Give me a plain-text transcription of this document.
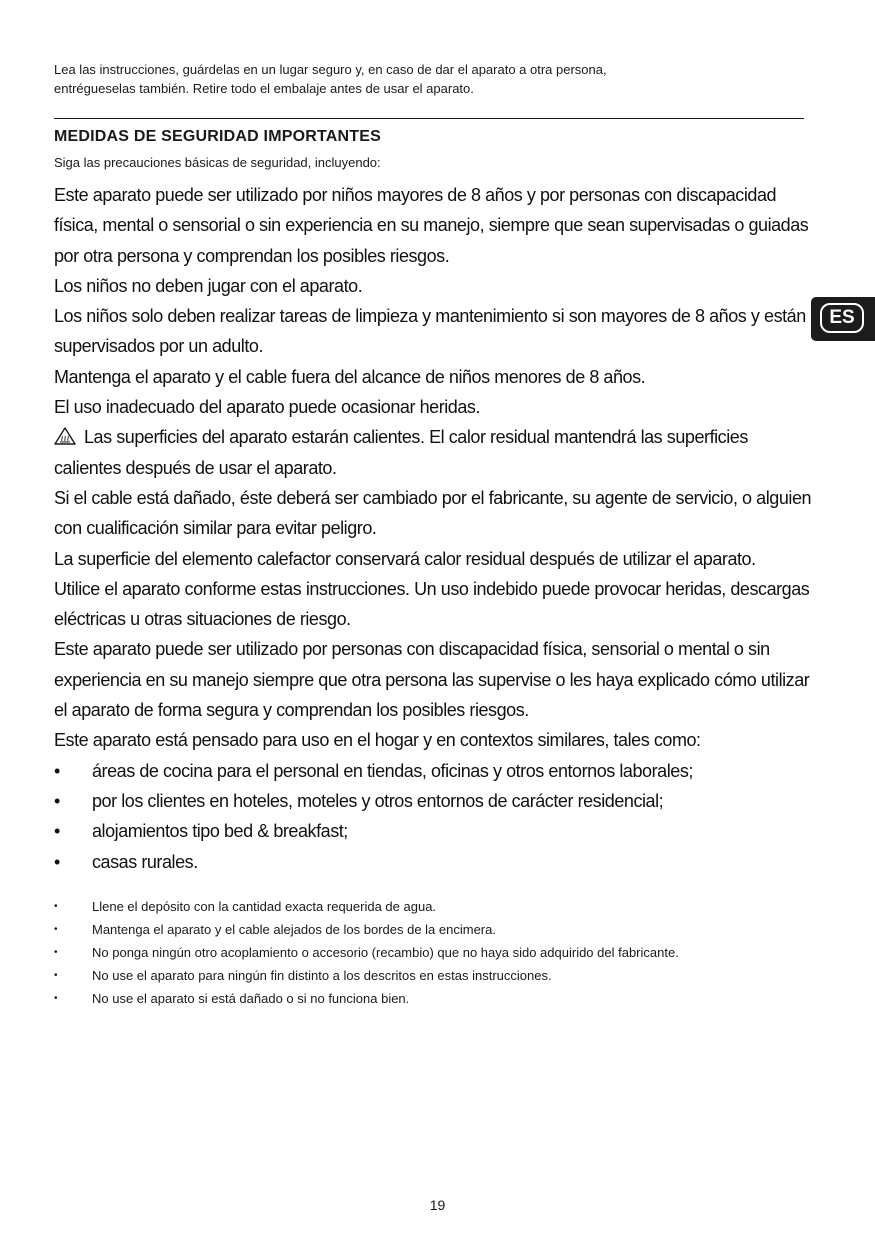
Lea las instrucciones, guárdelas en un lugar seguro y, en caso de dar el aparato a otra persona,

entrégueselas también. Retire todo el embalaje antes de usar el aparato.

MEDIDAS DE SEGURIDAD IMPORTANTES

Siga las precauciones básicas de seguridad, incluyendo:

Este aparato puede ser utilizado por niños mayores de 8 años y por personas con discapacidad física, mental o sensorial o sin experiencia en su manejo, siempre que sean supervisadas o guiadas por otra persona y comprendan los posibles riesgos.

Los niños no deben jugar con el aparato.

Los niños solo deben realizar tareas de limpieza y mantenimiento si son mayores de 8 años y están supervisados por un adulto.

Mantenga el aparato y el cable fuera del alcance de niños menores de 8 años.

El uso inadecuado del aparato puede ocasionar heridas.

Las superficies del aparato estarán calientes. El calor residual mantendrá las superficies calientes después de usar el aparato.

Si el cable está dañado, éste deberá ser cambiado por el fabricante, su agente de servicio, o alguien con cualificación similar para evitar peligro.

La superficie del elemento calefactor conservará calor residual después de utilizar el aparato.

Utilice el aparato conforme estas instrucciones. Un uso indebido puede provocar heridas, descargas eléctricas u otras situaciones de riesgo.

Este aparato puede ser utilizado por personas con discapacidad física, sensorial o mental o sin experiencia en su manejo siempre que otra persona las supervise o les haya explicado cómo utilizar el aparato de forma segura y comprendan los posibles riesgos.

Este aparato está pensado para uso en el hogar y en contextos similares, tales como:

• áreas de cocina para el personal en tiendas, oficinas y otros entornos laborales;
• por los clientes en hoteles, moteles y otros entornos de carácter residencial;
• alojamientos tipo bed & breakfast;
• casas rurales.
•	Llene el depósito con la cantidad exacta requerida de agua.
•	Mantenga el aparato y el cable alejados de los bordes de la encimera.
•	No ponga ningún otro acoplamiento o accesorio (recambio) que no haya sido adquirido del fabricante.
•	No use el aparato para ningún fin distinto a los descritos en estas instrucciones.
•	No use el aparato si está dañado o si no funciona bien.
ES
19
